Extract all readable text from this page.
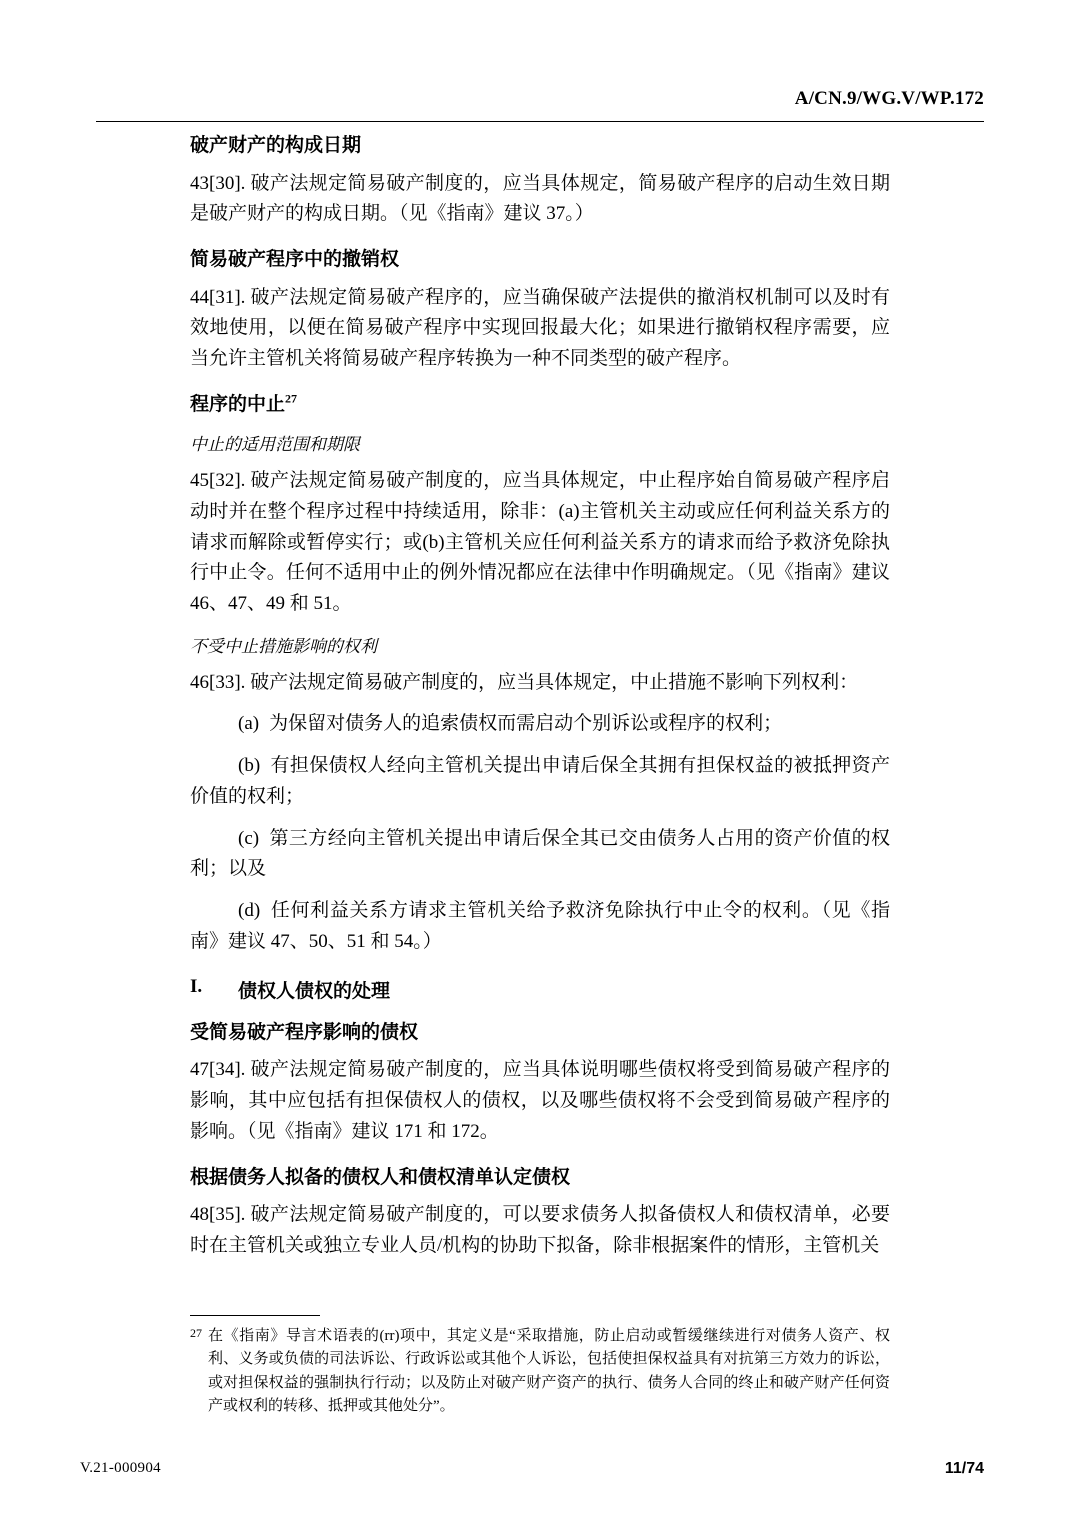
A/CN.9/WG.V/WP.172
破产财产的构成日期

43[30]. 破产法规定简易破产制度的，应当具体规定，简易破产程序的启动生效日期是破产财产的构成日期。（见《指南》建议 37。）

简易破产程序中的撤销权

44[31]. 破产法规定简易破产程序的，应当确保破产法提供的撤消权机制可以及时有效地使用，以便在简易破产程序中实现回报最大化；如果进行撤销权程序需要，应当允许主管机关将简易破产程序转换为一种不同类型的破产程序。

程序的中止$^{27}$
中止的适用范围和期限

45[32]. 破产法规定简易破产制度的，应当具体规定，中止程序始自简易破产程序启动时并在整个程序过程中持续适用，除非：(a)主管机关主动或应任何利益关系方的请求而解除或暂停实行；或(b)主管机关应任何利益关系方的请求而给予救济免除执行中止令。任何不适用中止的例外情况都应在法律中作明确规定。（见《指南》建议 46、47、49 和 51。

不受中止措施影响的权利

46[33]. 破产法规定简易破产制度的，应当具体规定，中止措施不影响下列权利：

(a) 为保留对债务人的追索债权而需启动个别诉讼或程序的权利；

(b) 有担保债权人经向主管机关提出申请后保全其拥有担保权益的被抵押资产价值的权利；

(c) 第三方经向主管机关提出申请后保全其已交由债务人占用的资产价值的权利；以及

(d) 任何利益关系方请求主管机关给予救济免除执行中止令的权利。（见《指南》建议 47、50、51 和 54。）

I.	债权人债权的处理
受简易破产程序影响的债权

47[34]. 破产法规定简易破产制度的，应当具体说明哪些债权将受到简易破产程序的影响，其中应包括有担保债权人的债权，以及哪些债权将不会受到简易破产程序的影响。（见《指南》建议 171 和 172。

根据债务人拟备的债权人和债权清单认定债权

48[35]. 破产法规定简易破产制度的，可以要求债务人拟备债权人和债权清单，必要时在主管机关或独立专业人员/机构的协助下拟备，除非根据案件的情形，主管机关

27 在《指南》导言术语表的(rr)项中，其定义是“采取措施，防止启动或暂缓继续进行对债务人资产、权利、义务或负债的司法诉讼、行政诉讼或其他个人诉讼，包括使担保权益具有对抗第三方效力的诉讼，或对担保权益的强制执行行动；以及防止对破产财产资产的执行、债务人合同的终止和破产财产任何资产或权利的转移、抵押或其他处分”。
V.21-000904	11/74
